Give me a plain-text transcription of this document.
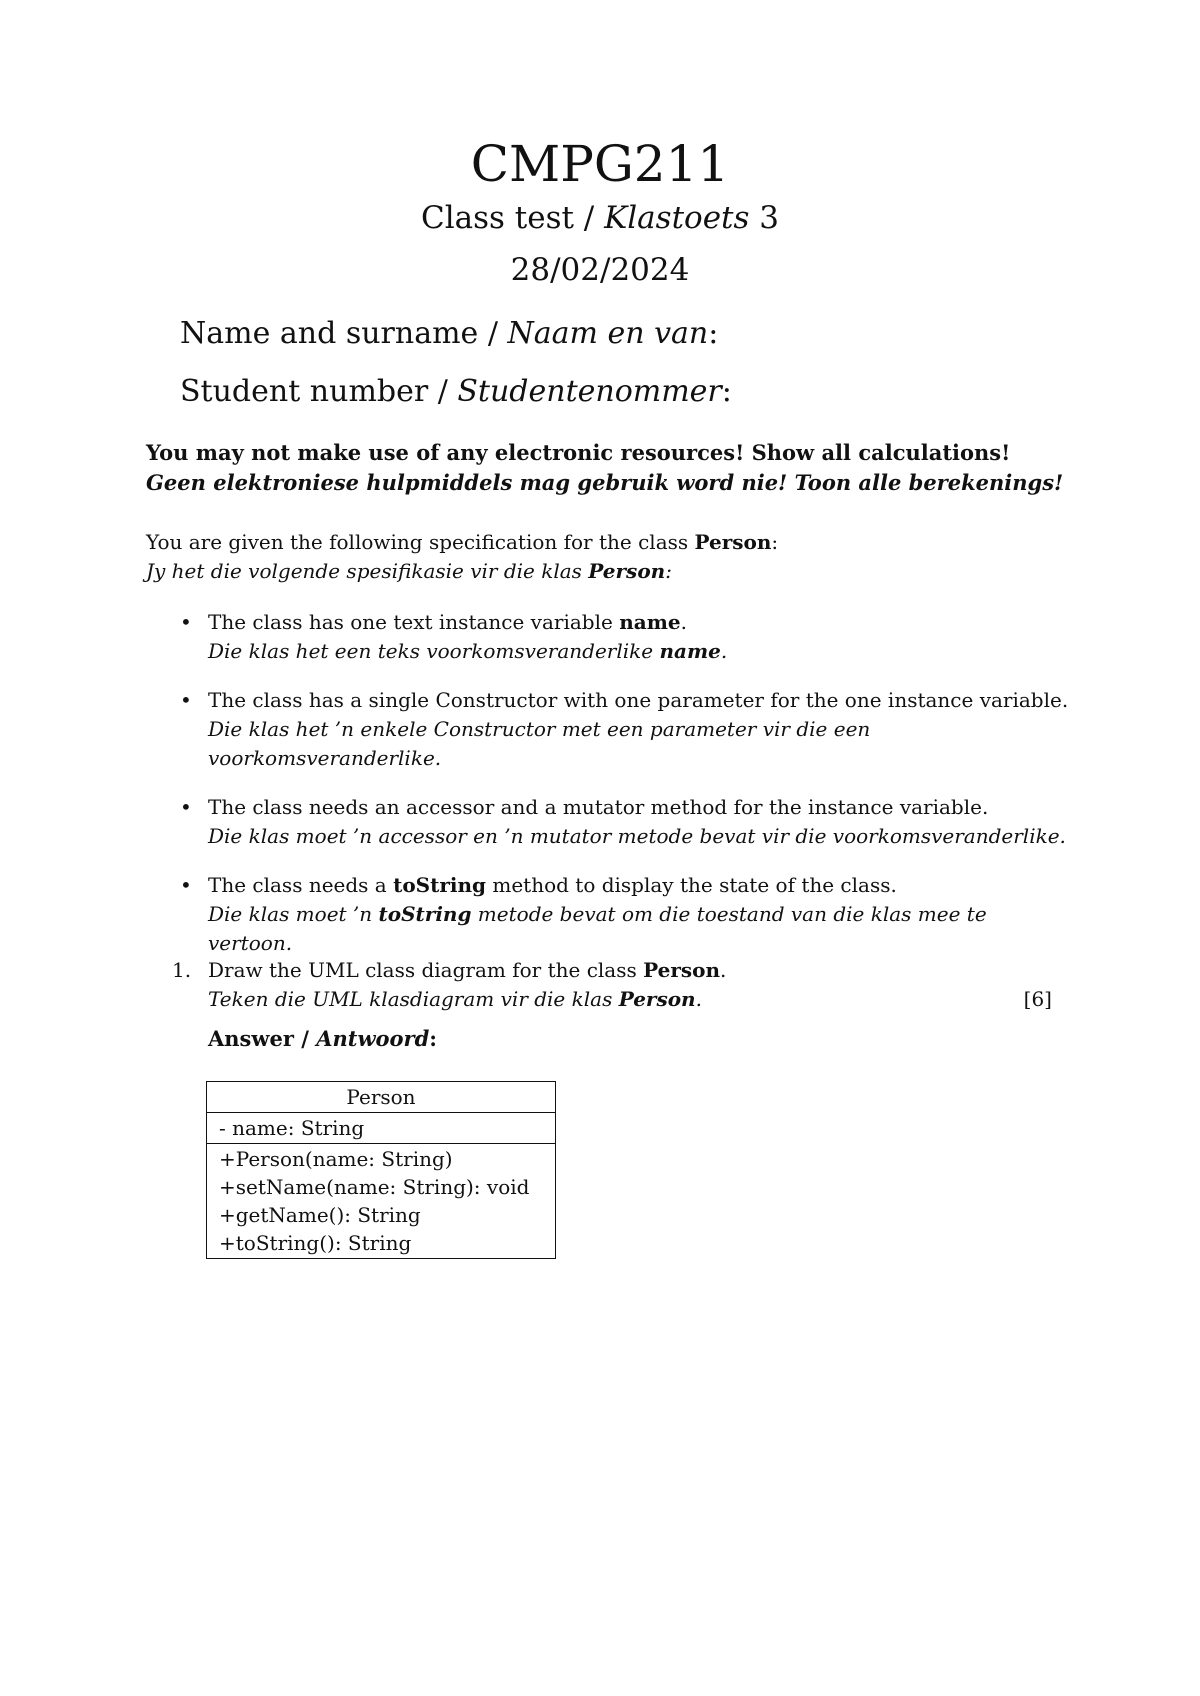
CMPG211
Class test / Klastoets 3
28/02/2024
Name and surname / Naam en van:
Student number / Studentenommer:
You may not make use of any electronic resources! Show all calculations!
Geen elektroniese hulpmiddels mag gebruik word nie! Toon alle berekenings!
You are given the following specification for the class Person:
Jy het die volgende spesifikasie vir die klas Person:
• The class has one text instance variable name.
Die klas het een teks voorkomsveranderlike name.
• The class has a single Constructor with one parameter for the one instance variable.
Die klas het ’n enkele Constructor met een parameter vir die een voorkomsveranderlike.
• The class needs an accessor and a mutator method for the instance variable.
Die klas moet ’n accessor en ’n mutator metode bevat vir die voorkomsveranderlike.
• The class needs a toString method to display the state of the class.
Die klas moet ’n toString metode bevat om die toestand van die klas mee te vertoon.
1. Draw the UML class diagram for the class Person.
Teken die UML klasdiagram vir die klas Person.	[6]
Answer / Antwoord:
Person
- name: String
+Person(name: String)
+setName(name: String): void
+getName(): String
+toString(): String
